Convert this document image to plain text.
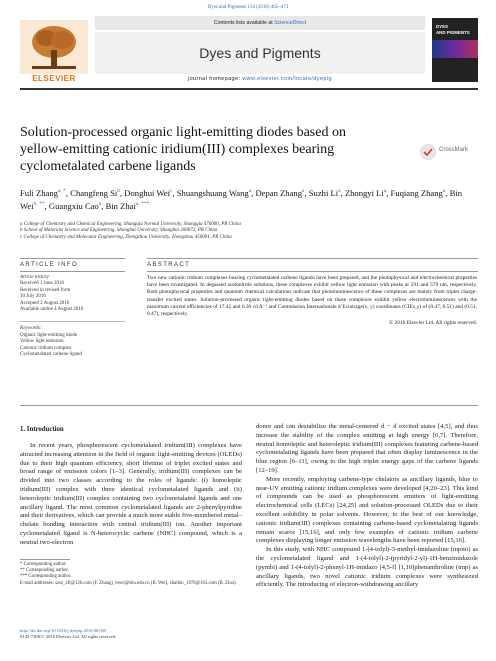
Dyes and Pigments 134 (2016) 465–471
ELSEVIER
Contents lists available at ScienceDirect
Dyes and Pigments
journal homepage: www.elsevier.com/locate/dyepig
DYES
AND PIGMENTS
Solution-processed organic light-emitting diodes based on yellow-emitting cationic iridium(III) complexes bearing cyclometalated carbene ligands
CrossMark
Fuli Zhang$^{a, *}$, Changfeng Si$^b$, Donghui Wei$^c$, Shuangshuang Wang$^a$, Depan Zhang$^a$, Suzhi Li$^a$, Zhongyi Li$^a$, Fuqiang Zhang$^a$, Bin Wei$^{b, **}$, Guangxiu Cao$^a$, Bin Zhai$^{a, ***}$
a College of Chemistry and Chemical Engineering, Shangqiu Normal University, Shangqiu 476000, PR China
b School of Materials Science and Engineering, Shanghai University, Shanghai 200072, PR China
c College of Chemistry and Molecular Engineering, Zhengzhou University, Zhengzhou 450001, PR China
ARTICLE INFO	ABSTRACT
Article history:
Received 1 June 2016
Received in revised form
30 July 2016
Accepted 2 August 2016
Available online 4 August 2016
Keywords:
Organic light-emitting diode
Yellow light emission
Cationic iridium complex
Cyclometalated carbene ligand
Two new cationic iridium complexes bearing cyclometalated carbene ligands have been prepared, and the photophysical and electrochemical properties have been investigated. In degassed acetonitrile solutions, these complexes exhibit yellow light emission with peaks at 591 and 579 nm, respectively. Both photophysical properties and quantum chemical calculations indicate that photoluminescence of these complexes are mainly from triplet charge-transfer excited states. Solution-processed organic light-emitting diodes based on these complexes exhibit yellow electroluminescences with the maximum current efficiencies of 17.42 and 6.36 cd A⁻¹ and Commission Internationale d’Eclairage(x, y) coordinates (CIEx,y) of (0.47, 0.51) and (0.51, 0.47), respectively.
© 2016 Elsevier Ltd. All rights reserved.
1. Introduction

In recent years, phosphorescent cyclometalated iridium(III) complexes have attracted increasing attention in the field of organic light-emitting devices (OLEDs) due to their high quantum efficiency, short lifetime of triplet excited states and broad range of emission colors [1–3]. Generally, iridium(III) complexes can be divided into two classes according to the roles of ligands: (i) homoleptic iridium(III) complex with three identical cyclometalated ligands and (ii) heteroleptic iridium(III) complex containing two cyclometalated ligands and one ancillary ligand. The most common cyclometalated ligands are 2-phenylpyridine and their derivatives, which can provide a much more stable five-membered metal–chelate bonding interaction with central iridium(III) ion. Another important cyclometalated ligand is N-heterocyclic carbene (NHC) compound, which is a neutral two-electron

donor and can destabilize the metal-centered d − d excited states [4,5], and thus increase the stability of the complex emitting at high energy [6,7]. Therefore, neutral homoleptic and heteroleptic iridium(III) complexes featuring carbene-based cyclometalating ligands have been prepared that often display luminescence in the blue region [6–11], owing to the high triplet energy gaps of the carbene ligands [12–19].

More recently, employing carbene-type chelators as ancillary ligands, blue to near-UV emitting cationic iridium complexes were developed [4,20–23]. This kind of compounds can be used as phosphorescent emitters of light-emitting electrochemical cells (LECs) [24,25] and solution-processed OLEDs due to their excellent solubility in polar solvents. However, to the best of our knowledge, cationic iridium(III) complexes containing carbene-based cyclometalating ligands remain scarce [15,16], and only few examples of cationic iridium carbene complexes displaying longer emission wavelengths have been reported [15,16].

In this study, with NHC compound 1-(4-tolyl)-3-methyl-imidazoline (mpmi) as the cyclometalated ligand and 1-(4-tolyl)-2-(pyridyl-2-yl)-1H-benzimidazole (pymbi) and 1-(4-tolyl)-2-phenyl-1H-imidazo [4,5-f] [1,10]phenanthroline (imp) as ancillary ligands, two novel cationic iridium complexes were synthesized efficiently. The introducing of electron-withdrawing ancillary

* Corresponding author.
** Corresponding author.
*** Corresponding author.
E-mail addresses: szsz_zfl@126.com (F. Zhang), bwei@shu.edu.cn (B. Wei), zhaibin_1978@163.com (B. Zhai).
http://dx.doi.org/10.1016/j.dyepig.2016.08.005
0143-7208/© 2016 Elsevier Ltd. All rights reserved.
